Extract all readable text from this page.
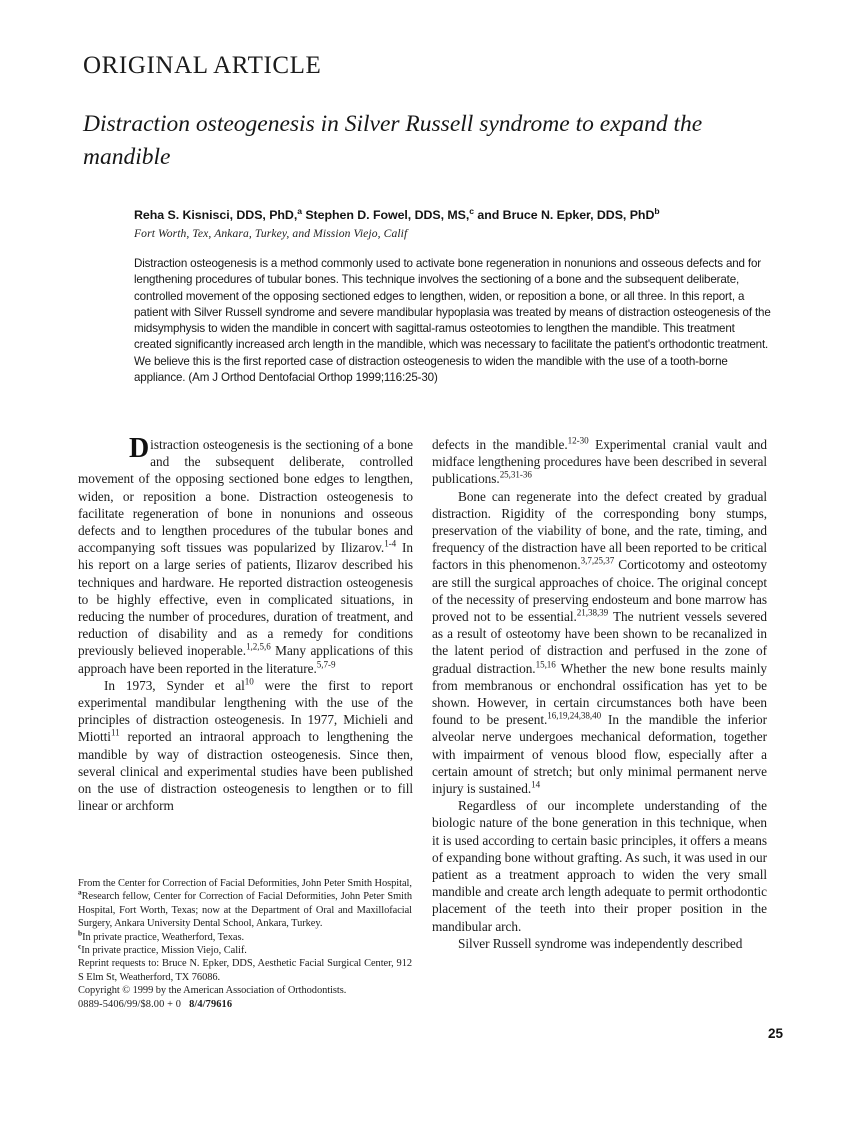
ORIGINAL ARTICLE
Distraction osteogenesis in Silver Russell syndrome to expand the mandible
Reha S. Kisnisci, DDS, PhD,$^a$ Stephen D. Fowel, DDS, MS,$^c$ and Bruce N. Epker, DDS, PhD$^b$
Fort Worth, Tex, Ankara, Turkey, and Mission Viejo, Calif
Distraction osteogenesis is a method commonly used to activate bone regeneration in nonunions and osseous defects and for lengthening procedures of tubular bones. This technique involves the sectioning of a bone and the subsequent deliberate, controlled movement of the opposing sectioned edges to lengthen, widen, or reposition a bone, or all three. In this report, a patient with Silver Russell syndrome and severe mandibular hypoplasia was treated by means of distraction osteogenesis of the midsymphysis to widen the mandible in concert with sagittal-ramus osteotomies to lengthen the mandible. This treatment created significantly increased arch length in the mandible, which was necessary to facilitate the patient's orthodontic treatment. We believe this is the first reported case of distraction osteogenesis to widen the mandible with the use of a tooth-borne appliance. (Am J Orthod Dentofacial Orthop 1999;116:25-30)

Distraction osteogenesis is the sectioning of a bone and the subsequent deliberate, controlled movement of the opposing sectioned bone edges to lengthen, widen, or reposition a bone. Distraction osteogenesis to facilitate regeneration of bone in nonunions and osseous defects and to lengthen procedures of the tubular bones and accompanying soft tissues was popularized by Ilizarov.$^{1-4}$ In his report on a large series of patients, Ilizarov described his techniques and hardware. He reported distraction osteogenesis to be highly effective, even in complicated situations, in reducing the number of procedures, duration of treatment, and reduction of disability and as a remedy for conditions previously believed inoperable.$^{1,2,5,6}$ Many applications of this approach have been reported in the literature.$^{5,7-9}$

In 1973, Synder et $al^{10}$ were the first to report experimental mandibular lengthening with the use of the principles of distraction osteogenesis. In 1977, Michieli and Miotti$^{11}$ reported an intraoral approach to lengthening the mandible by way of distraction osteogenesis. Since then, several clinical and experimental studies have been published on the use of distraction osteogenesis to lengthen or to fill linear or archform

defects in the mandible.$^{12-30}$ Experimental cranial vault and midface lengthening procedures have been described in several publications.$^{25,31-36}$

Bone can regenerate into the defect created by gradual distraction. Rigidity of the corresponding bony stumps, preservation of the viability of bone, and the rate, timing, and frequency of the distraction have all been reported to be critical factors in this phenomenon.$^{3,7,25,37}$ Corticotomy and osteotomy are still the surgical approaches of choice. The original concept of the necessity of preserving endosteum and bone marrow has proved not to be essential.$^{21,38,39}$ The nutrient vessels severed as a result of osteotomy have been shown to be recanalized in the latent period of distraction and perfused in the zone of gradual distraction.$^{15,16}$ Whether the new bone results mainly from membranous or enchondral ossification has yet to be shown. However, in certain circumstances both have been found to be present.$^{16,19,24,38,40}$ In the mandible the inferior alveolar nerve undergoes mechanical deformation, together with impairment of venous blood flow, especially after a certain amount of stretch; but only minimal permanent nerve injury is sustained.$^{14}$

Regardless of our incomplete understanding of the biologic nature of the bone generation in this technique, when it is used according to certain basic principles, it offers a means of expanding bone without grafting. As such, it was used in our patient as a treatment approach to widen the very small mandible and create arch length adequate to permit orthodontic placement of the teeth into their proper position in the mandibular arch.

Silver Russell syndrome was independently described

From the Center for Correction of Facial Deformities, John Peter Smith Hospital,

$^a$Research fellow, Center for Correction of Facial Deformities, John Peter Smith Hospital, Fort Worth, Texas; now at the Department of Oral and Maxillofacial Surgery, Ankara University Dental School, Ankara, Turkey.

$^b$In private practice, Weatherford, Texas.

$^c$In private practice, Mission Viejo, Calif.

Reprint requests to: Bruce N. Epker, DDS, Aesthetic Facial Surgical Center, 912 S Elm St, Weatherford, TX 76086.

Copyright © 1999 by the American Association of Orthodontists.

0889-5406/99/$8.00 + 0   8/4/79616

25
